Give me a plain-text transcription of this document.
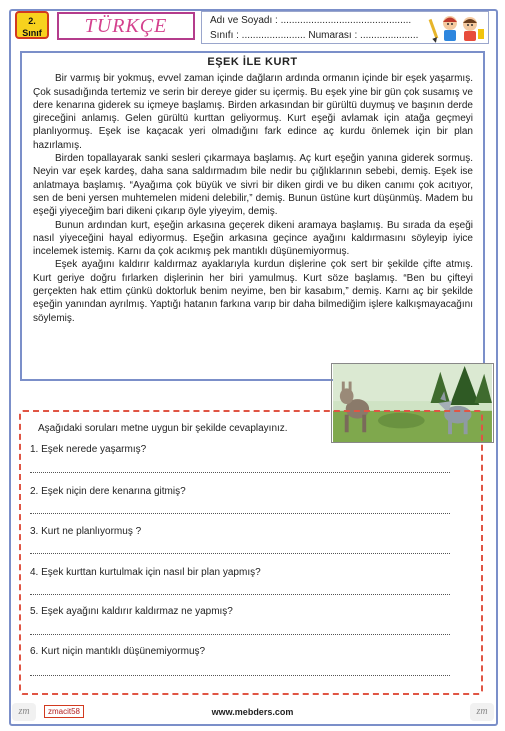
2.
Sınıf	TÜRKÇE	Adı ve Soyadı : ...............................................
Sınıfı : ....................... Numarası : .....................
EŞEK İLE KURT

Bir varmış bir yokmuş, evvel zaman içinde dağların ardında ormanın içinde bir eşek yaşarmış. Çok susadığında tertemiz ve serin bir dereye gider su içermiş. Bu eşek yine bir gün çok susamış ve dere kenarına giderek su içmeye başlamış. Birden arkasından bir gürültü duymuş ve başının derde gireceğini anlamış. Gelen gürültü kurttan geliyormuş. Kurt eşeği avlamak için atağa geçmeyi planlıyormuş. Eşek ise kaçacak yeri olmadığını fark edince aç kurdu önlemek için bir plan hazırlamış.

Birden topallayarak sanki sesleri çıkarmaya başlamış. Aç kurt eşeğin yanına giderek sormuş. Neyin var eşek kardeş, daha sana saldırmadım bile nedir bu çığlıklarının sebebi, demiş. Eşek ise anlatmaya başlamış. “Ayağıma çok büyük ve sivri bir diken girdi ve bu diken canımı çok acıtıyor, sen de beni yersen muhtemelen mideni delebilir,” demiş. Bunun üstüne kurt düşünmüş. Madem bu eşeği yiyeceğim bari dikeni çıkarıp öyle yiyeyim, demiş.

Bunun ardından kurt, eşeğin arkasına geçerek dikeni aramaya başlamış. Bu sırada da eşeği nasıl yiyeceğini hayal ediyormuş. Eşeğin arkasına geçince ayağını kaldırmasını söyleyip iyice incelemek istemiş. Karnı da çok acıkmış pek mantıklı düşünemiyormuş.

Eşek ayağını kaldırır kaldırmaz ayaklarıyla kurdun dişlerine çok sert bir şekilde çifte atmış. Kurt geriye doğru fırlarken dişlerinin her biri yamulmuş. Kurt söze başlamış. “Ben bu çifteyi gerçekten hak ettim çünkü doktorluk benim neyime, ben bir kasabım,” demiş. Karnı aç bir şekilde eşeğin yanından ayrılmış. Yaptığı hatanın farkına varıp bir daha bilmediğim işlere kalkışmayacağını söylemiş.

Aşağıdaki soruları metne uygun bir şekilde cevaplayınız.
1. Eşek nerede yaşarmış?
2. Eşek niçin dere kenarına gitmiş?
3. Kurt ne planlıyormuş ?
4. Eşek kurttan kurtulmak için nasıl bir plan yapmış?
5. Eşek ayağını kaldırır kaldırmaz ne yapmış?
6. Kurt niçin mantıklı düşünemiyormuş?
zm	zmacit58	www.mebders.com	zm
